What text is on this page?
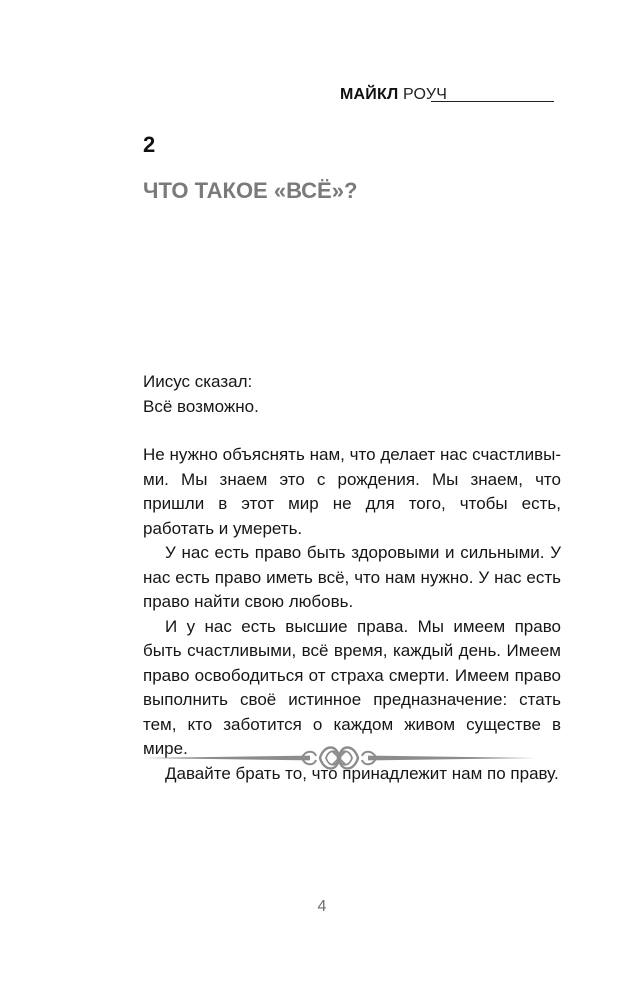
МАЙКЛ РОУЧ
2
ЧТО ТАКОЕ «ВСЁ»?

Иисус сказал:

Всё возможно.

Не нужно объяснять нам, что делает нас счастливыми. Мы знаем это с рождения. Мы знаем, что пришли в этот мир не для того, чтобы есть, работать и умереть.

У нас есть право быть здоровыми и сильными. У нас есть право иметь всё, что нам нужно. У нас есть право найти свою любовь.

И у нас есть высшие права. Мы имеем право быть счастливыми, всё время, каждый день. Имеем право освободиться от страха смерти. Имеем право выполнить своё истинное предназначение: стать тем, кто заботится о каждом живом существе в мире.

Давайте брать то, что принадлежит нам по праву.

4
